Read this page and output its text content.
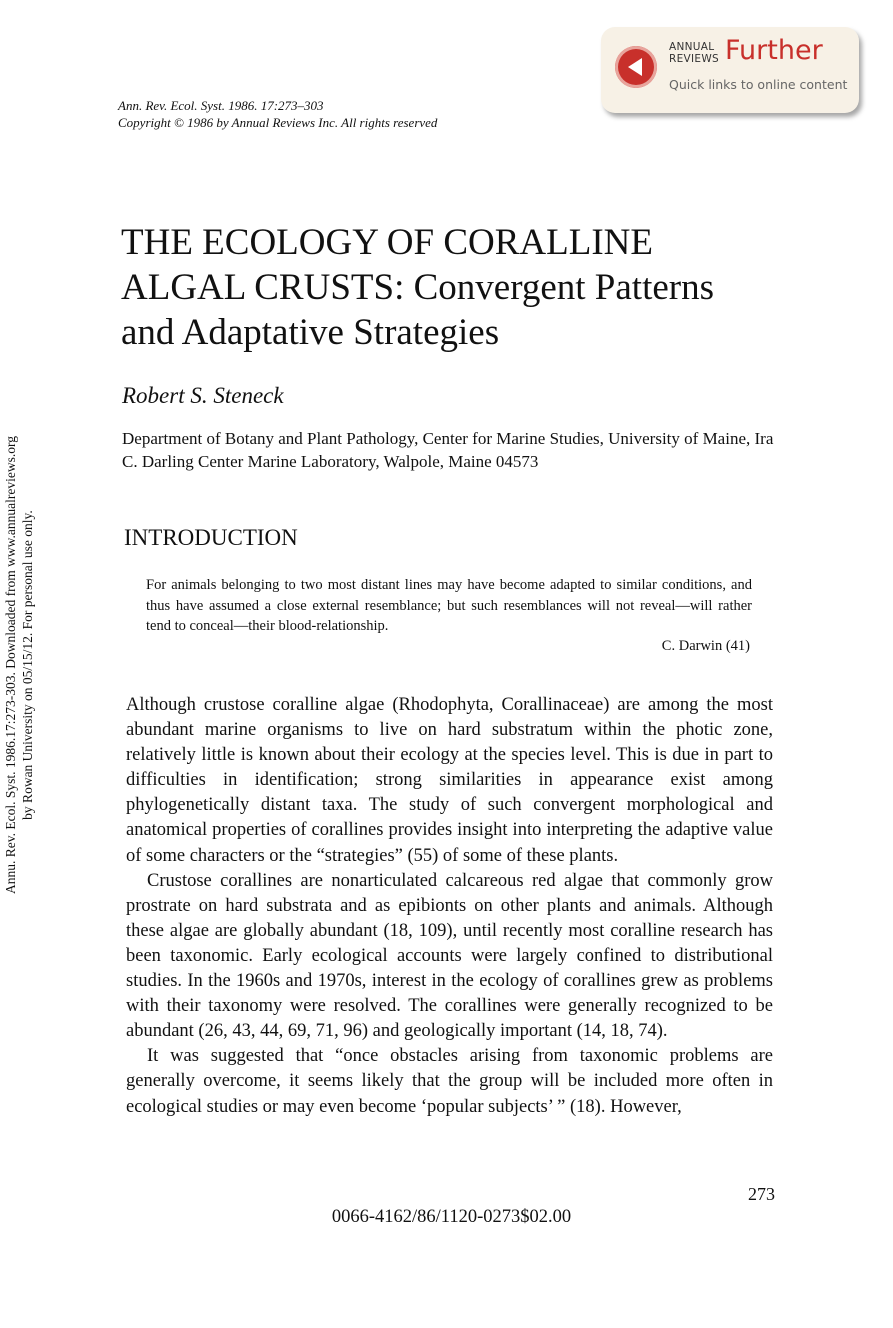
Annu. Rev. Ecol. Syst. 1986.17:273-303. Downloaded from www.annualreviews.org by Rowan University on 05/15/12. For personal use only.
ANNUAL
REVIEWS Further
Quick links to online content
Ann. Rev. Ecol. Syst. 1986. 17:273–303
Copyright © 1986 by Annual Reviews Inc. All rights reserved
THE ECOLOGY OF CORALLINE
ALGAL CRUSTS: Convergent Patterns
and Adaptative Strategies
Robert S. Steneck
Department of Botany and Plant Pathology, Center for Marine Studies, University of Maine, Ira C. Darling Center Marine Laboratory, Walpole, Maine 04573
INTRODUCTION
For animals belonging to two most distant lines may have become adapted to similar conditions, and thus have assumed a close external resemblance; but such resemblances will not reveal—will rather tend to conceal—their blood-relationship.
C. Darwin (41)

Although crustose coralline algae (Rhodophyta, Corallinaceae) are among the most abundant marine organisms to live on hard substratum within the photic zone, relatively little is known about their ecology at the species level. This is due in part to difficulties in identification; strong similarities in appearance exist among phylogenetically distant taxa. The study of such convergent morphological and anatomical properties of corallines provides insight into interpreting the adaptive value of some characters or the “strategies” (55) of some of these plants.

Crustose corallines are nonarticulated calcareous red algae that commonly grow prostrate on hard substrata and as epibionts on other plants and animals. Although these algae are globally abundant (18, 109), until recently most coralline research has been taxonomic. Early ecological accounts were largely confined to distributional studies. In the 1960s and 1970s, interest in the ecology of corallines grew as problems with their taxonomy were resolved. The corallines were generally recognized to be abundant (26, 43, 44, 69, 71, 96) and geologically important (14, 18, 74).

It was suggested that “once obstacles arising from taxonomic problems are generally overcome, it seems likely that the group will be included more often in ecological studies or may even become ‘popular subjects’ ” (18). However,

273
0066-4162/86/1120-0273$02.00
